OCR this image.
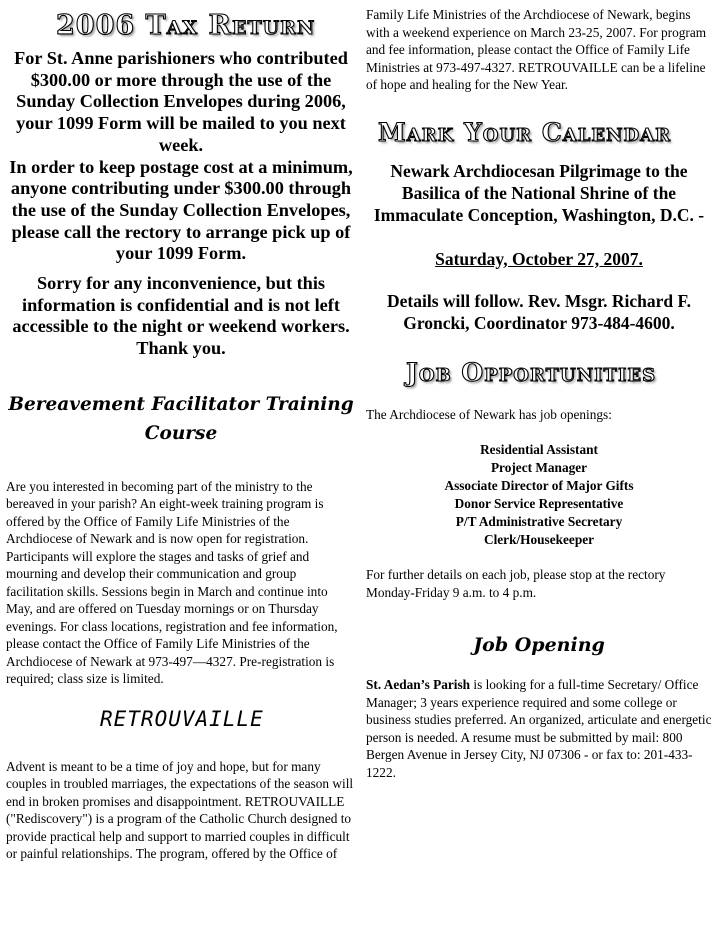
2006 Tax Return

For St. Anne parishioners who contributed $300.00 or more through the use of the Sunday Collection Envelopes during 2006, your 1099 Form will be mailed to you next week.

In order to keep postage cost at a minimum, anyone contributing under $300.00 through the use of the Sunday Collection Envelopes, please call the rectory to arrange pick up of your 1099 Form.

Sorry for any inconvenience, but this information is confidential and is not left accessible to the night or weekend workers. Thank you.

Bereavement Facilitator Training Course

Are you interested in becoming part of the ministry to the bereaved in your parish? An eight-week training program is offered by the Office of Family Life Ministries of the Archdiocese of Newark and is now open for registration. Participants will explore the stages and tasks of grief and mourning and develop their communication and group facilitation skills. Sessions begin in March and continue into May, and are offered on Tuesday mornings or on Thursday evenings. For class locations, registration and fee information, please contact the Office of Family Life Ministries of the Archdiocese of Newark at 973-497—4327. Pre-registration is required; class size is limited.

RETROUVAILLE

Advent is meant to be a time of joy and hope, but for many couples in troubled marriages, the expectations of the season will end in broken promises and disappointment. RETROUVAILLE ("Rediscovery") is a program of the Catholic Church designed to provide practical help and support to married couples in difficult or painful relationships. The program, offered by the Office of

Family Life Ministries of the Archdiocese of Newark, begins with a weekend experience on March 23-25, 2007. For program and fee information, please contact the Office of Family Life Ministries at 973-497-4327. RETROUVAILLE can be a lifeline of hope and healing for the New Year.

Mark Your Calendar

Newark Archdiocesan Pilgrimage to the Basilica of the National Shrine of the Immaculate Conception, Washington, D.C. -

Saturday, October 27, 2007.

Details will follow. Rev. Msgr. Richard F. Groncki, Coordinator 973-484-4600.

Job Opportunities

The Archdiocese of Newark has job openings:

Residential Assistant
Project Manager
Associate Director of Major Gifts
Donor Service Representative
P/T Administrative Secretary
Clerk/Housekeeper

For further details on each job, please stop at the rectory Monday-Friday 9 a.m. to 4 p.m.

Job Opening

St. Aedan’s Parish is looking for a full-time Secretary/ Office Manager; 3 years experience required and some college or business studies preferred. An organized, articulate and energetic person is needed. A resume must be submitted by mail: 800 Bergen Avenue in Jersey City, NJ 07306 - or fax to: 201-433-1222.
